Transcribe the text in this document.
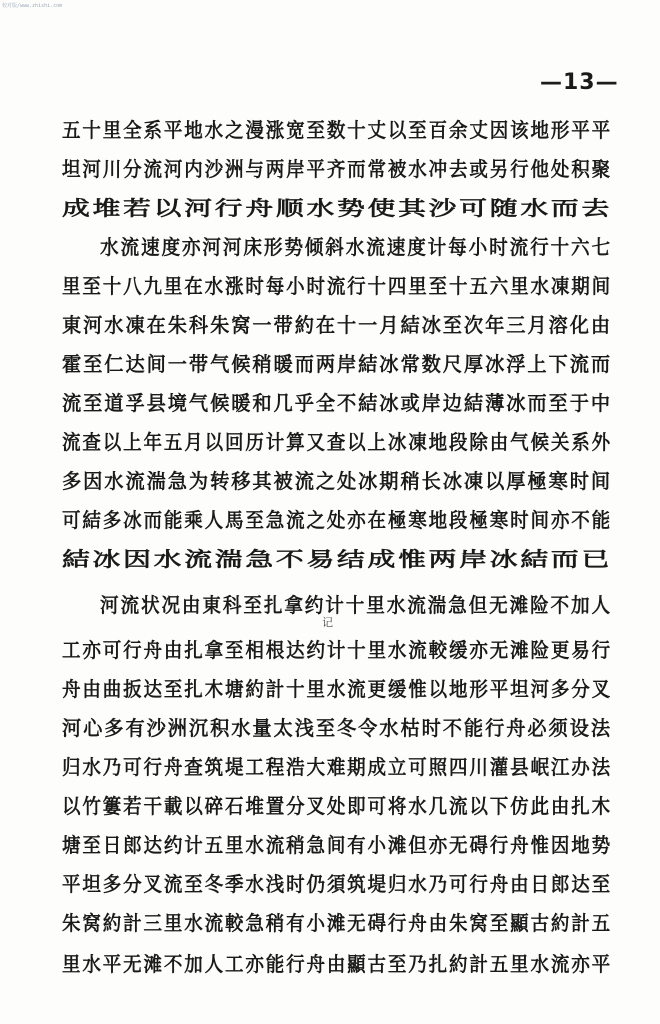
校对版/www.zhishi.com
—13—
记
五十里全系平地水之漫涨宽至数十丈以至百余丈因该地形平平
坦河川分流河内沙洲与两岸平齐而常被水冲去或另行他处积聚
成堆若以河行舟顺水势使其沙可随水而去
水流速度亦河河床形势倾斜水流速度计每小时流行十六七
里至十八九里在水涨时每小时流行十四里至十五六里水凍期间
東河水凍在朱科朱窝一带約在十一月結冰至次年三月溶化由
霍至仁达间一带气候稍暖而两岸結冰常数尺厚冰浮上下流而
流至道孚县境气候暖和几乎全不結冰或岸边結薄冰而至于中
流查以上年五月以回历计算又查以上冰凍地段除由气候关系外
多因水流湍急为转移其被流之处冰期稍长冰凍以厚極寒时间
可結多冰而能乘人馬至急流之处亦在極寒地段極寒时间亦不能
結冰因水流湍急不易结成惟两岸冰結而已
河流状况由東科至扎拿约计十里水流湍急但无滩险不加人
工亦可行舟由扎拿至相根达约计十里水流較缓亦无滩险更易行
舟由曲扳达至扎木塘約計十里水流更缓惟以地形平坦河多分叉
河心多有沙洲沉积水量太浅至冬令水枯时不能行舟必须设法
归水乃可行舟查筑堤工程浩大难期成立可照四川灌县岷江办法
以竹簍若干載以碎石堆置分叉处即可将水几流以下仿此由扎木
塘至日郎达约计五里水流稍急间有小滩但亦无碍行舟惟因地势
平坦多分叉流至冬季水浅时仍須筑堤归水乃可行舟由日郎达至
朱窝約計三里水流較急稍有小滩无碍行舟由朱窝至顯古約計五
里水平无滩不加人工亦能行舟由顯古至乃扎約計五里水流亦平
